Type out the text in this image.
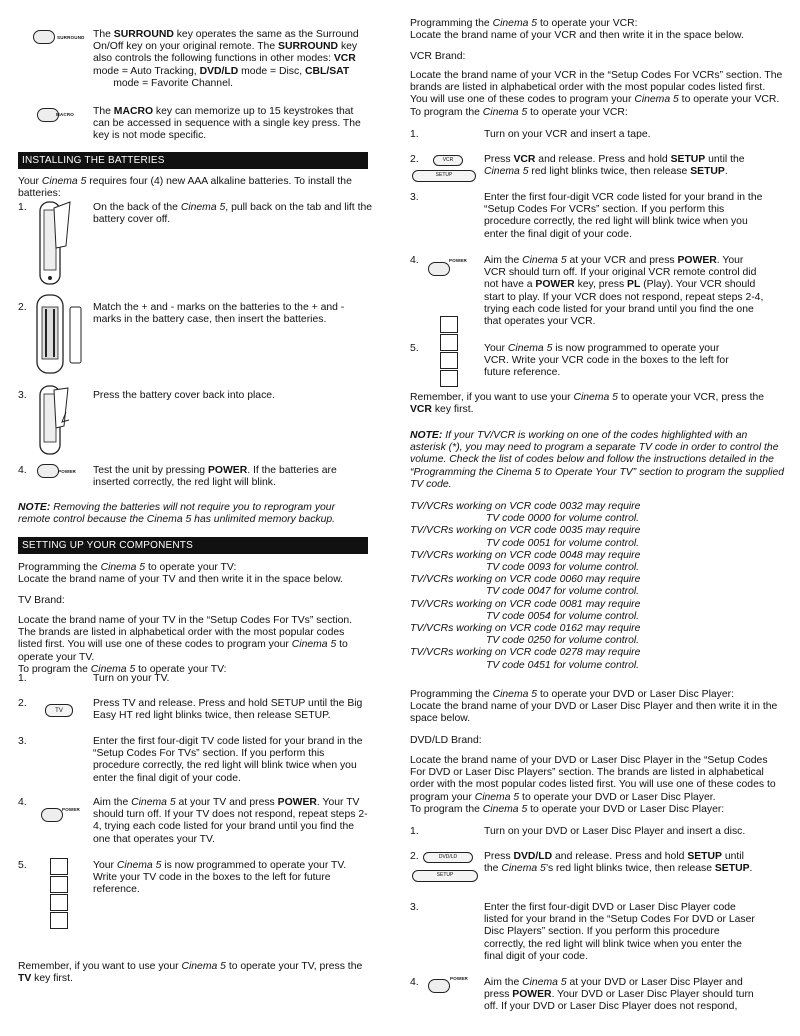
SURROUND The SURROUND key operates the same as the Surround On/Off key on your original remote. The SURROUND key also controls the following functions in other modes: VCR
mode = Auto Tracking, DVD/LD mode = Disc, CBL/SAT
mode = Favorite Channel.
MACRO The MACRO key can memorize up to 15 keystrokes that can be accessed in sequence with a single key press. The key is not mode specific.
INSTALLING THE BATTERIES
Your Cinema 5 requires four (4) new AAA alkaline batteries. To install the batteries:
1.	On the back of the Cinema 5, pull back on the tab and lift the battery cover off.
2.	Match the + and - marks on the batteries to the + and - marks in the battery case, then insert the batteries.
3.	Press the battery cover back into place.
4.	POWER Test the unit by pressing POWER. If the batteries are inserted correctly, the red light will blink.
NOTE: Removing the batteries will not require you to reprogram your remote control because the Cinema 5 has unlimited memory backup.
SETTING UP YOUR COMPONENTS
Programming the Cinema 5 to operate your TV:
Locate the brand name of your TV and then write it in the space below.
TV Brand:
Locate the brand name of your TV in the “Setup Codes For TVs” section. The brands are listed in alphabetical order with the most popular codes listed first. You will use one of these codes to program your Cinema 5 to operate your TV.
To program the Cinema 5 to operate your TV:
1.	Turn on your TV.
2.
TV
Press TV and release. Press and hold SETUP until the Big Easy HT red light blinks twice, then release SETUP.
3.	Enter the first four-digit TV code listed for your brand in the “Setup Codes For TVs” section. If you perform this procedure correctly, the red light will blink twice when you enter the final digit of your code.
4.
POWER
Aim the Cinema 5 at your TV and press POWER. Your TV should turn off. If your TV does not respond, repeat steps 2-4, trying each code listed for your brand until you find the one that operates your TV.
5.	Your Cinema 5 is now programmed to operate your TV. Write your TV code in the boxes to the left for future reference.
Remember, if you want to use your Cinema 5 to operate your TV, press the TV key first.
Programming the Cinema 5 to operate your VCR:
Locate the brand name of your VCR and then write it in the space below.
VCR Brand:
Locate the brand name of your VCR in the “Setup Codes For VCRs” section. The brands are listed in alphabetical order with the most popular codes listed first. You will use one of these codes to program your Cinema 5 to operate your VCR.
To program the Cinema 5 to operate your VCR:
1.	Turn on your VCR and insert a tape.
2.	VCR
SETUP
Press VCR and release. Press and hold SETUP until the Cinema 5 red light blinks twice, then release SETUP.
3.	Enter the first four-digit VCR code listed for your brand in the “Setup Codes For VCRs” section. If you perform this procedure correctly, the red light will blink twice when you enter the final digit of your code.
4.	POWER Aim the Cinema 5 at your VCR and press POWER. Your VCR should turn off. If your original VCR remote control did not have a POWER key, press PL (Play). Your VCR should start to play. If your VCR does not respond, repeat steps 2-4, trying each code listed for your brand until you find the one that operates your VCR.
5.	Your Cinema 5 is now programmed to operate your VCR. Write your VCR code in the boxes to the left for future reference.
Remember, if you want to use your Cinema 5 to operate your VCR, press the VCR key first.
NOTE: If your TV/VCR is working on one of the codes highlighted with an asterisk (*), you may need to program a separate TV code in order to control the volume. Check the list of codes below and follow the instructions detailed in the “Programming the Cinema 5 to Operate Your TV” section to program the supplied TV code.
TV/VCRs working on VCR code 0032 may require
TV code 0000 for volume control.
TV/VCRs working on VCR code 0035 may require
TV code 0051 for volume control.
TV/VCRs working on VCR code 0048 may require
TV code 0093 for volume control.
TV/VCRs working on VCR code 0060 may require
TV code 0047 for volume control.
TV/VCRs working on VCR code 0081 may require
TV code 0054 for volume control.
TV/VCRs working on VCR code 0162 may require
TV code 0250 for volume control.
TV/VCRs working on VCR code 0278 may require
TV code 0451 for volume control.
Programming the Cinema 5 to operate your DVD or Laser Disc Player:
Locate the brand name of your DVD or Laser Disc Player and then write it in the space below.
DVD/LD Brand:
Locate the brand name of your DVD or Laser Disc Player in the “Setup Codes For DVD or Laser Disc Players” section. The brands are listed in alphabetical order with the most popular codes listed first. You will use one of these codes to program your Cinema 5 to operate your DVD or Laser Disc Player.
To program the Cinema 5 to operate your DVD or Laser Disc Player:
1.	Turn on your DVD or Laser Disc Player and insert a disc.
2.	DVD/LD
SETUP
Press DVD/LD and release. Press and hold SETUP until the Cinema 5’s red light blinks twice, then release SETUP.
3.	Enter the first four-digit DVD or Laser Disc Player code listed for your brand in the “Setup Codes For DVD or Laser Disc Players” section. If you perform this procedure correctly, the red light will blink twice when you enter the final digit of your code.
4.	POWER Aim the Cinema 5 at your DVD or Laser Disc Player and press POWER. Your DVD or Laser Disc Player should turn off. If your DVD or Laser Disc Player does not respond,
